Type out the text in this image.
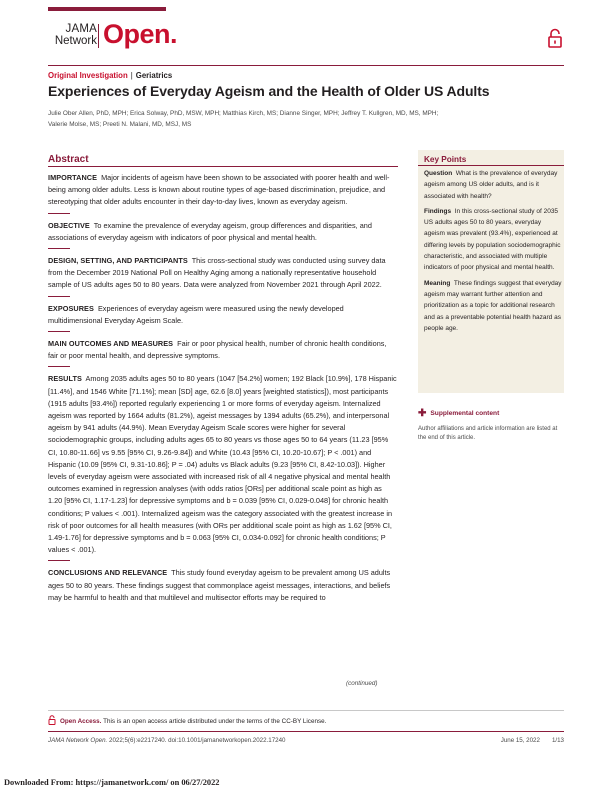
JAMA
Network Open.
Original Investigation | Geriatrics
Experiences of Everyday Ageism and the Health of Older US Adults
Julie Ober Allen, PhD, MPH; Erica Solway, PhD, MSW, MPH; Matthias Kirch, MS; Dianne Singer, MPH; Jeffrey T. Kullgren, MD, MS, MPH;
Valerie Molse, MS; Preeti N. Malani, MD, MSJ, MS
Abstract

IMPORTANCE Major incidents of ageism have been shown to be associated with poorer health and well-being among older adults. Less is known about routine types of age-based discrimination, prejudice, and stereotyping that older adults encounter in their day-to-day lives, known as everyday ageism.

OBJECTIVE To examine the prevalence of everyday ageism, group differences and disparities, and associations of everyday ageism with indicators of poor physical and mental health.

DESIGN, SETTING, AND PARTICIPANTS This cross-sectional study was conducted using survey data from the December 2019 National Poll on Healthy Aging among a nationally representative household sample of US adults ages 50 to 80 years. Data were analyzed from November 2021 through April 2022.

EXPOSURES Experiences of everyday ageism were measured using the newly developed multidimensional Everyday Ageism Scale.

MAIN OUTCOMES AND MEASURES Fair or poor physical health, number of chronic health conditions, fair or poor mental health, and depressive symptoms.

RESULTS Among 2035 adults ages 50 to 80 years (1047 [54.2%] women; 192 Black [10.9%], 178 Hispanic [11.4%], and 1546 White [71.1%]; mean [SD] age, 62.6 [8.0] years [weighted statistics]), most participants (1915 adults [93.4%]) reported regularly experiencing 1 or more forms of everyday ageism. Internalized ageism was reported by 1664 adults (81.2%), ageist messages by 1394 adults (65.2%), and interpersonal ageism by 941 adults (44.9%). Mean Everyday Ageism Scale scores were higher for several sociodemographic groups, including adults ages 65 to 80 years vs those ages 50 to 64 years (11.23 [95% CI, 10.80-11.66] vs 9.55 [95% CI, 9.26-9.84]) and White (10.43 [95% CI, 10.20-10.67]; P < .001) and Hispanic (10.09 [95% CI, 9.31-10.86]; P = .04) adults vs Black adults (9.23 [95% CI, 8.42-10.03]). Higher levels of everyday ageism were associated with increased risk of all 4 negative physical and mental health outcomes examined in regression analyses (with odds ratios [ORs] per additional scale point as high as 1.20 [95% CI, 1.17-1.23] for depressive symptoms and b = 0.039 [95% CI, 0.029-0.048] for chronic health conditions; P values < .001). Internalized ageism was the category associated with the greatest increase in risk of poor outcomes for all health measures (with ORs per additional scale point as high as 1.62 [95% CI, 1.49-1.76] for depressive symptoms and b = 0.063 [95% CI, 0.034-0.092] for chronic health conditions; P values < .001).

CONCLUSIONS AND RELEVANCE This study found everyday ageism to be prevalent among US adults ages 50 to 80 years. These findings suggest that commonplace ageist messages, interactions, and beliefs may be harmful to health and that multilevel and multisector efforts may be required to

(continued)
Key Points

Question What is the prevalence of everyday ageism among US older adults, and is it associated with health?

Findings In this cross-sectional study of 2035 US adults ages 50 to 80 years, everyday ageism was prevalent (93.4%), experienced at differing levels by population sociodemographic characteristic, and associated with multiple indicators of poor physical and mental health.

Meaning These findings suggest that everyday ageism may warrant further attention and prioritization as a topic for additional research and as a preventable potential health hazard as people age.

✚ Supplemental content
Author affiliations and article information are listed at the end of this article.
Open Access. This is an open access article distributed under the terms of the CC-BY License.
JAMA Network Open. 2022;5(6):e2217240. doi:10.1001/jamanetworkopen.2022.17240	June 15, 2022 1/13
Downloaded From: https://jamanetwork.com/ on 06/27/2022
